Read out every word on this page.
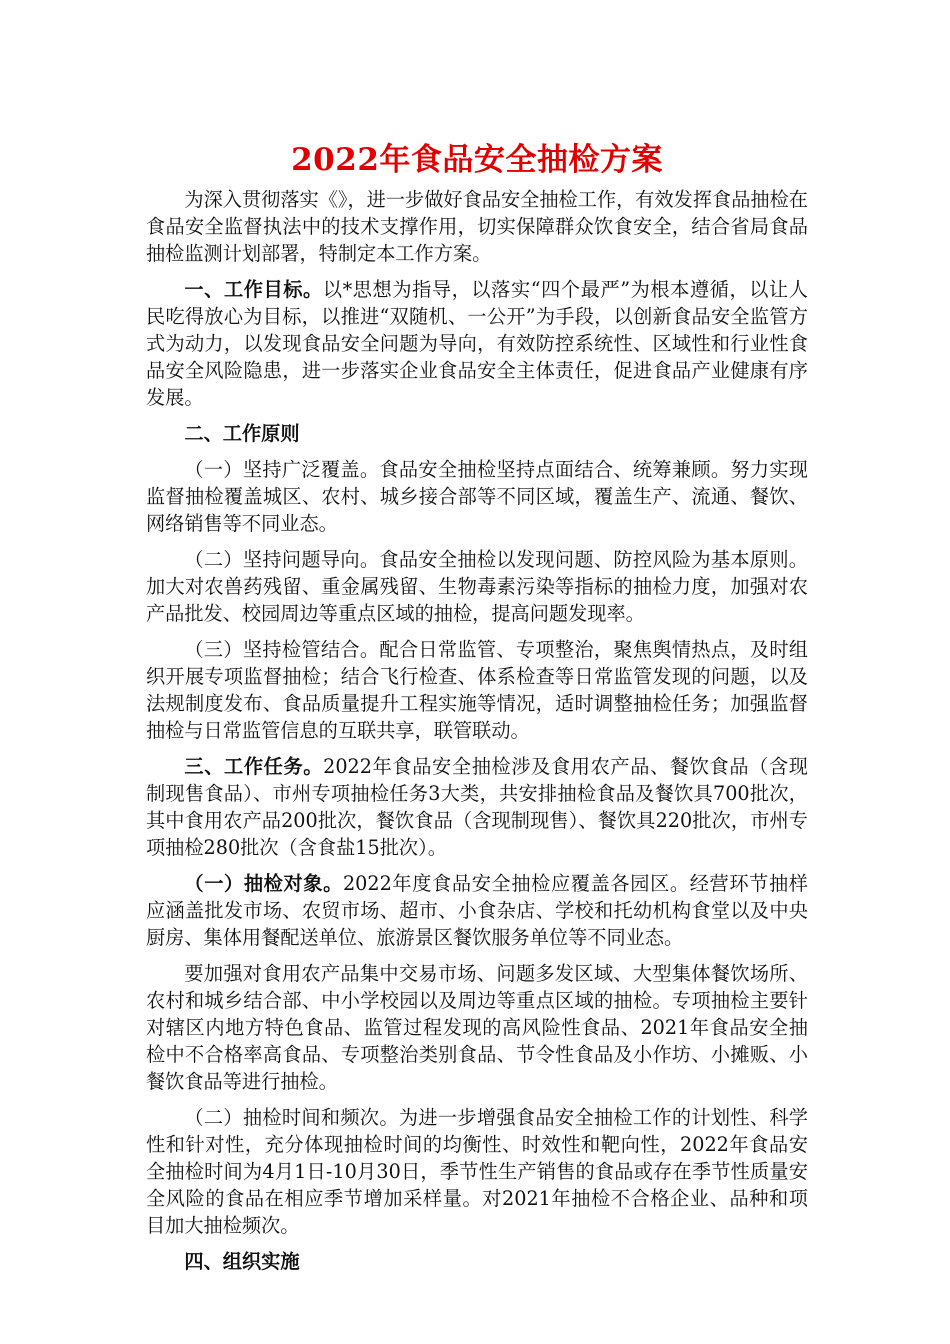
2022年食品安全抽检方案

为深入贯彻落实《》，进一步做好食品安全抽检工作，有效发挥食品抽检在食品安全监督执法中的技术支撑作用，切实保障群众饮食安全，结合省局食品抽检监测计划部署，特制定本工作方案。

一、工作目标。以*思想为指导，以落实“四个最严”为根本遵循，以让人民吃得放心为目标，以推进“双随机、一公开”为手段，以创新食品安全监管方式为动力，以发现食品安全问题为导向，有效防控系统性、区域性和行业性食品安全风险隐患，进一步落实企业食品安全主体责任，促进食品产业健康有序发展。

二、工作原则

（一）坚持广泛覆盖。食品安全抽检坚持点面结合、统筹兼顾。努力实现监督抽检覆盖城区、农村、城乡接合部等不同区域，覆盖生产、流通、餐饮、网络销售等不同业态。

（二）坚持问题导向。食品安全抽检以发现问题、防控风险为基本原则。加大对农兽药残留、重金属残留、生物毒素污染等指标的抽检力度，加强对农产品批发、校园周边等重点区域的抽检，提高问题发现率。

（三）坚持检管结合。配合日常监管、专项整治，聚焦舆情热点，及时组织开展专项监督抽检；结合飞行检查、体系检查等日常监管发现的问题，以及法规制度发布、食品质量提升工程实施等情况，适时调整抽检任务；加强监督抽检与日常监管信息的互联共享，联管联动。

三、工作任务。2022年食品安全抽检涉及食用农产品、餐饮食品（含现制现售食品）、市州专项抽检任务3大类，共安排抽检食品及餐饮具700批次，其中食用农产品200批次，餐饮食品（含现制现售）、餐饮具220批次，市州专项抽检280批次（含食盐15批次）。

（一）抽检对象。2022年度食品安全抽检应覆盖各园区。经营环节抽样应涵盖批发市场、农贸市场、超市、小食杂店、学校和托幼机构食堂以及中央厨房、集体用餐配送单位、旅游景区餐饮服务单位等不同业态。

要加强对食用农产品集中交易市场、问题多发区域、大型集体餐饮场所、农村和城乡结合部、中小学校园以及周边等重点区域的抽检。专项抽检主要针对辖区内地方特色食品、监管过程发现的高风险性食品、2021年食品安全抽检中不合格率高食品、专项整治类别食品、节令性食品及小作坊、小摊贩、小餐饮食品等进行抽检。

（二）抽检时间和频次。为进一步增强食品安全抽检工作的计划性、科学性和针对性，充分体现抽检时间的均衡性、时效性和靶向性，2022年食品安全抽检时间为4月1日-10月30日，季节性生产销售的食品或存在季节性质量安全风险的食品在相应季节增加采样量。对2021年抽检不合格企业、品种和项目加大抽检频次。

四、组织实施
